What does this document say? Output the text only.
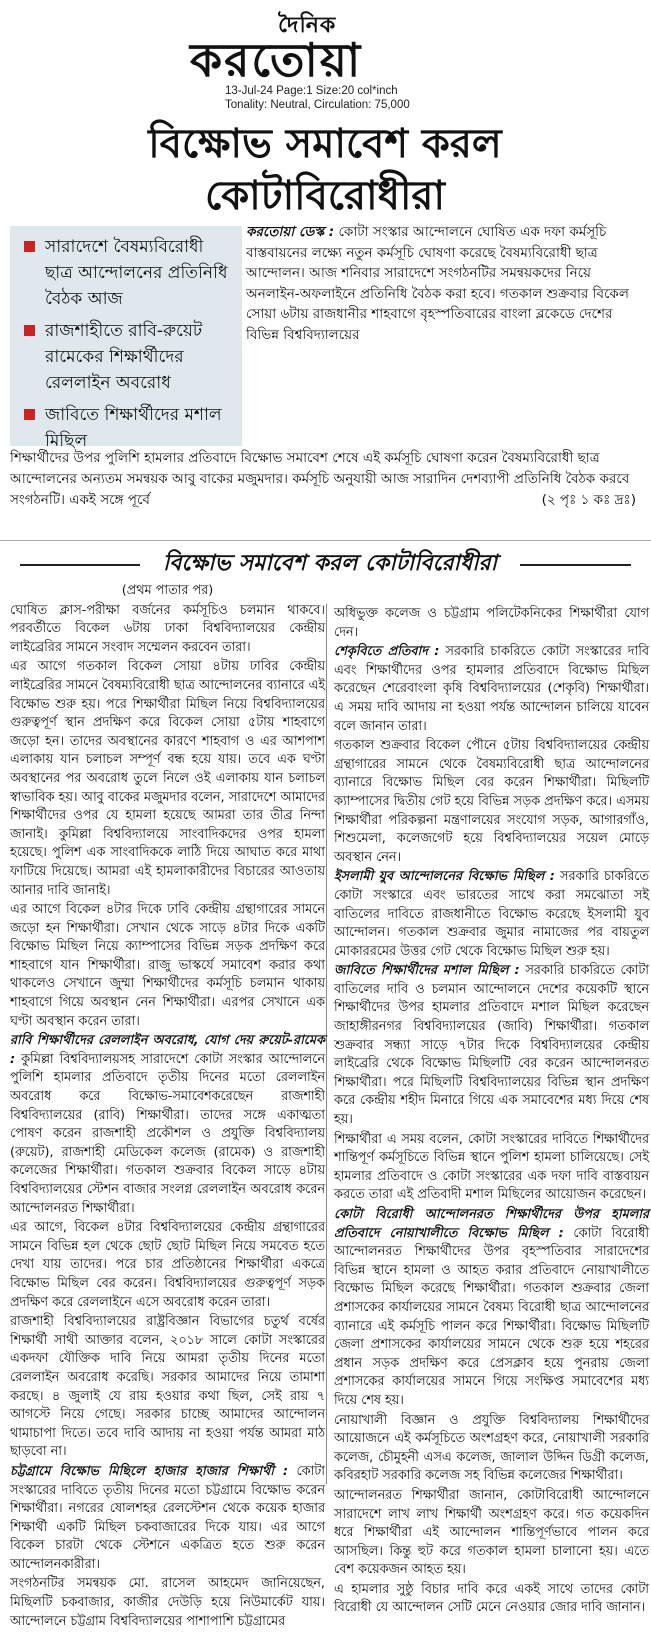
দৈনিক
করতোয়া
13-Jul-24 Page:1 Size:20 col*inch
Tonality: Neutral, Circulation: 75,000
বিক্ষোভ সমাবেশ করল
কোটাবিরোধীরা
সারাদেশে বৈষম্যবিরোধী ছাত্র আন্দোলনের প্রতিনিধি বৈঠক আজ
রাজশাহীতে রাবি-রুয়েট রামেকের শিক্ষার্থীদের রেললাইন অবরোধ
জাবিতে শিক্ষার্থীদের মশাল মিছিল

করতোয়া ডেস্ক : কোটা সংস্কার আন্দোলনে ঘোষিত এক দফা কর্মসূচি বাস্তবায়নের লক্ষ্যে নতুন কর্মসূচি ঘোষণা করেছে বৈষম্যবিরোধী ছাত্র আন্দোলন। আজ শনিবার সারাদেশে সংগঠনটির সমন্বয়কদের নিয়ে অনলাইন-অফলাইনে প্রতিনিধি বৈঠক করা হবে। গতকাল শুক্রবার বিকেল সোয়া ৬টায় রাজধানীর শাহবাগে বৃহস্পতিবারের বাংলা ব্লকেডে দেশের বিভিন্ন বিশ্ববিদ্যালয়ের

শিক্ষার্থীদের উপর পুলিশি হামলার প্রতিবাদে বিক্ষোভ সমাবেশ শেষে এই কর্মসূচি ঘোষণা করেন বৈষম্যবিরোধী ছাত্র আন্দোলনের অন্যতম সমন্বয়ক আবু বাকের মজুমদার। কর্মসূচি অনুযায়ী আজ সারাদিন দেশব্যাপী প্রতিনিধি বৈঠক করবে সংগঠনটি। একই সঙ্গে পূর্বে	(২ পৃঃ ১ কঃ দ্রঃ)

বিক্ষোভ সমাবেশ করল কোটাবিরোধীরা

(প্রথম পাতার পর)

ঘোষিত ক্লাস-পরীক্ষা বর্জনের কর্মসূচিও চলমান থাকবে। পরবর্তীতে বিকেল ৬টায় ঢাকা বিশ্ববিদ্যালয়ের কেন্দ্রীয় লাইব্রেরির সামনে সংবাদ সম্মেলন করবেন তারা।

এর আগে গতকাল বিকেল সোয়া ৪টায় ঢাবির কেন্দ্রীয় লাইব্রেরির সামনে বৈষম্যবিরোধী ছাত্র আন্দোলনের ব্যানারে এই বিক্ষোভ শুরু হয়। পরে শিক্ষার্থীরা মিছিল নিয়ে বিশ্ববিদ্যালয়ের গুরুত্বপূর্ণ স্থান প্রদক্ষিণ করে বিকেল সোয়া ৫টায় শাহবাগে জড়ো হন। তাদের অবস্থানের কারণে শাহবাগ ও এর আশপাশ এলাকায় যান চলাচল সম্পূর্ণ বন্ধ হয়ে যায়। তবে এক ঘণ্টা অবস্থানের পর অবরোধ তুলে নিলে ওই এলাকায় যান চলাচল স্বাভাবিক হয়। আবু বাকের মজুমদার বলেন, সারাদেশে আমাদের শিক্ষার্থীদের ওপর যে হামলা হয়েছে আমরা তার তীব্র নিন্দা জানাই। কুমিল্লা বিশ্ববিদ্যালয়ে সাংবাদিকদের ওপর হামলা হয়েছে। পুলিশ এক সাংবাদিককে লাঠি দিয়ে আঘাত করে মাথা ফাটিয়ে দিয়েছে। আমরা এই হামলাকারীদের বিচারের আওতায় আনার দাবি জানাই।

এর আগে বিকেল ৪টার দিকে ঢাবি কেন্দ্রীয় গ্রন্থাগারের সামনে জড়ো হন শিক্ষার্থীরা। সেখান থেকে সাড়ে ৪টার দিকে একটি বিক্ষোভ মিছিল নিয়ে ক্যাম্পাসের বিভিন্ন সড়ক প্রদক্ষিণ করে শাহবাগে যান শিক্ষার্থীরা। রাজু ভাস্কর্যে সমাবেশ করার কথা থাকলেও সেখানে জুম্মা শিক্ষার্থীদের কর্মসূচি চলমান থাকায় শাহবাগে গিয়ে অবস্থান নেন শিক্ষার্থীরা। এরপর সেখানে এক ঘণ্টা অবস্থান করেন তারা।

রাবি শিক্ষার্থীদের রেললাইন অবরোধ, যোগ দেয় রুয়েট-রামেক : কুমিল্লা বিশ্ববিদ্যালয়সহ সারাদেশে কোটা সংস্কার আন্দোলনে পুলিশি হামলার প্রতিবাদে তৃতীয় দিনের মতো রেললাইন অবরোধ করে বিক্ষোভ-সমাবেশকরেছেন রাজশাহী বিশ্ববিদ্যালয়ের (রাবি) শিক্ষার্থীরা। তাদের সঙ্গে একাত্মতা পোষণ করেন রাজশাহী প্রকৌশল ও প্রযুক্তি বিশ্ববিদ্যালয় (রুয়েট), রাজশাহী মেডিকেল কলেজ (রামেক) ও রাজশাহী কলেজের শিক্ষার্থীরা। গতকাল শুক্রবার বিকেল সাড়ে ৪টায় বিশ্ববিদ্যালয়ের স্টেশন বাজার সংলগ্ন রেললাইন অবরোধ করেন আন্দোলনরত শিক্ষার্থীরা।

এর আগে, বিকেল ৪টার বিশ্ববিদ্যালয়ের কেন্দ্রীয় গ্রন্থাগারের সামনে বিভিন্ন হল থেকে ছোট ছোট মিছিল নিয়ে সমবেত হতে দেখা যায় তাদের। পরে চার প্রতিষ্ঠানের শিক্ষার্থীরা একত্রে বিক্ষোভ মিছিল বের করেন। বিশ্ববিদ্যালয়ের গুরুত্বপূর্ণ সড়ক প্রদক্ষিণ করে রেললাইনে এসে অবরোধ করেন তারা।

রাজশাহী বিশ্ববিদ্যালয়ের রাষ্ট্রবিজ্ঞান বিভাগের চতুর্থ বর্ষের শিক্ষার্থী সাথী আক্তার বলেন, ২০১৮ সালে কোটা সংস্কারের একদফা যৌক্তিক দাবি নিয়ে আমরা তৃতীয় দিনের মতো রেললাইন অবরোধ করেছি। সরকার আমাদের নিয়ে তামাশা করছে। ৪ জুলাই যে রায় হওয়ার কথা ছিল, সেই রায় ৭ আগস্টে নিয়ে গেছে। সরকার চাচ্ছে আমাদের আন্দোলন থামাচাপা দিতে। তবে দাবি আদায় না হওয়া পর্যন্ত আমরা মাঠ ছাড়বো না।

চট্টগ্রামে বিক্ষোভ মিছিলে হাজার হাজার শিক্ষার্থী : কোটা সংস্কারের দাবিতে তৃতীয় দিনের মতো চট্টগ্রামে বিক্ষোভ করেন শিক্ষার্থীরা। নগরের ষোলশহর রেলস্টেশন থেকে কয়েক হাজার শিক্ষার্থী একটি মিছিল চকবাজারের দিকে যায়। এর আগে বিকেল চারটা থেকে স্টেশনে একত্রিত হতে শুরু করেন আন্দোলনকারীরা।

সংগঠনটির সমন্বয়ক মো. রাসেল আহমেদ জানিয়েছেন, মিছিলটি চকবাজার, কাজীর দেউড়ি হয়ে নিউমার্কেট যায়। আন্দোলনে চট্টগ্রাম বিশ্ববিদ্যালয়ের পাশাপাশি চট্টগ্রামের

অধিভুক্ত কলেজ ও চট্টগ্রাম পলিটেকনিকের শিক্ষার্থীরা যোগ দেন।

শেকৃবিতে প্রতিবাদ : সরকারি চাকরিতে কোটা সংস্কারের দাবি এবং শিক্ষার্থীদের ওপর হামলার প্রতিবাদে বিক্ষোভ মিছিল করেছেন শেরেবাংলা কৃষি বিশ্ববিদ্যালয়ের (শেকৃবি) শিক্ষার্থীরা। এ সময় দাবি আদায় না হওয়া পর্যন্ত আন্দোলন চালিয়ে যাবেন বলে জানান তারা।

গতকাল শুক্রবার বিকেল পৌনে ৫টায় বিশ্ববিদ্যালয়ের কেন্দ্রীয় গ্রন্থাগারের সামনে থেকে বৈষম্যবিরোধী ছাত্র আন্দোলনের ব্যানারে বিক্ষোভ মিছিল বের করেন শিক্ষার্থীরা। মিছিলটি ক্যাম্পাসের দ্বিতীয় গেট হয়ে বিভিন্ন সড়ক প্রদক্ষিণ করে। এসময় শিক্ষার্থীরা পরিকল্পনা মন্ত্রণালয়ের সংযোগ সড়ক, আগারগাঁও, শিশুমেলা, কলেজগেট হয়ে বিশ্ববিদ্যালয়ের সয়েল মোড়ে অবস্থান নেন।

ইসলামী যুব আন্দোলনের বিক্ষোভ মিছিল : সরকারি চাকরিতে কোটা সংস্কারে এবং ভারতের সাথে করা সমঝোতা সই বাতিলের দাবিতে রাজধানীতে বিক্ষোভ করেছে ইসলামী যুব আন্দোলন। গতকাল শুক্রবার জুমার নামাজের পর বায়তুল মোকাররমের উত্তর গেট থেকে বিক্ষোভ মিছিল শুরু হয়।

জাবিতে শিক্ষার্থীদের মশাল মিছিল : সরকারি চাকরিতে কোটা বাতিলের দাবি ও চলমান আন্দোলনে দেশের কয়েকটি স্থানে শিক্ষার্থীদের উপর হামলার প্রতিবাদে মশাল মিছিল করেছেন জাহাঙ্গীরনগর বিশ্ববিদ্যালয়ের (জাবি) শিক্ষার্থীরা। গতকাল শুক্রবার সন্ধ্যা সাড়ে ৭টার দিকে বিশ্ববিদ্যালয়ের কেন্দ্রীয় লাইব্রেরি থেকে বিক্ষোভ মিছিলটি বের করেন আন্দোলনরত শিক্ষার্থীরা। পরে মিছিলটি বিশ্ববিদ্যালয়ের বিভিন্ন স্থান প্রদক্ষিণ করে কেন্দ্রীয় শহীদ মিনারে গিয়ে এক সমাবেশের মধ্য দিয়ে শেষ হয়।

শিক্ষার্থীরা এ সময় বলেন, কোটা সংস্কারের দাবিতে শিক্ষার্থীদের শান্তিপূর্ণ কর্মসূচিতে বিভিন্ন স্থানে পুলিশ হামলা চালিয়েছে। সেই হামলার প্রতিবাদে ও কোটা সংস্কারের এক দফা দাবি বাস্তবায়ন করতে তারা এই প্রতিবাদী মশাল মিছিলের আয়োজন করেছেন।

কোটা বিরোধী আন্দোলনরত শিক্ষার্থীদের উপর হামলার প্রতিবাদে নোয়াখালীতে বিক্ষোভ মিছিল : কোটা বিরোধী আন্দোলনরত শিক্ষার্থীদের উপর বৃহস্পতিবার সারাদেশের বিভিন্ন স্থানে হামলা ও আহত করার প্রতিবাদে নোয়াখালীতে বিক্ষোভ মিছিল করেছে শিক্ষার্থীরা। গতকাল শুক্রবার জেলা প্রশাসকের কার্যালয়ের সামনে বৈষম্য বিরোধী ছাত্র আন্দোলনের ব্যানারে এই কর্মসূচি পালন করে শিক্ষার্থীরা। বিক্ষোভ মিছিলটি জেলা প্রশাসকের কার্যালয়ের সামনে থেকে শুরু হয়ে শহরের প্রধান সড়ক প্রদক্ষিণ করে প্রেসক্লাব হয়ে পুনরায় জেলা প্রশাসকের কার্যালয়ের সামনে গিয়ে সংক্ষিপ্ত সমাবেশের মধ্য দিয়ে শেষ হয়।

নোয়াখালী বিজ্ঞান ও প্রযুক্তি বিশ্ববিদ্যালয় শিক্ষার্থীদের আয়োজনে এই কর্মসূচিতে অংশগ্রহণ করে, নোয়াখালী সরকারি কলেজ, চৌমুহনী এসএ কলেজ, জালাল উদ্দিন ডিগ্রী কলেজ, কবিরহাট সরকারি কলেজ সহ বিভিন্ন কলেজের শিক্ষার্থীরা।

আন্দোলনরত শিক্ষার্থীরা জানান, কোটাবিরোধী আন্দোলনে সারাদেশে লাখ লাখ শিক্ষার্থী অংশগ্রহণ করে। গত কয়েকদিন ধরে শিক্ষার্থীরা এই আন্দোলন শান্তিপূর্ণভাবে পালন করে আসছিল। কিন্তু হুট করে গতকাল হামলা চালানো হয়। এতে বেশ কয়েকজন আহত হয়।

এ হামলার সুষ্ঠু বিচার দাবি করে একই সাথে তাদের কোটা বিরোধী যে আন্দোলন সেটি মেনে নেওয়ার জোর দাবি জানান।
